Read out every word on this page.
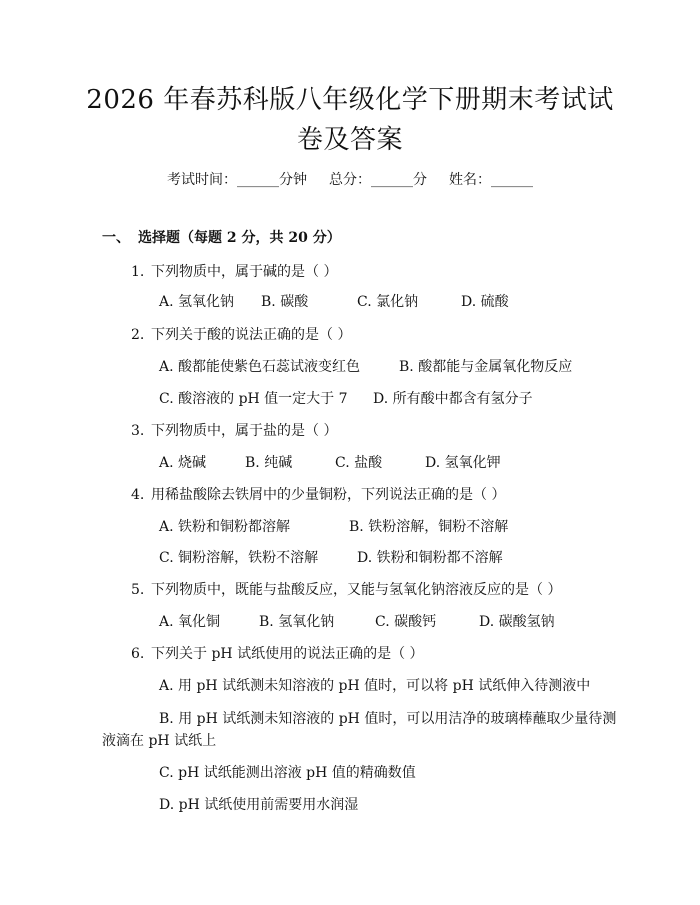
2026 年春苏科版八年级化学下册期末考试试
卷及答案
考试时间：______分钟 总分：______分 姓名：______
一、 选择题（每题 2 分，共 20 分）
1. 下列物质中，属于碱的是（ ）
A. 氢氧化钠 B. 碳酸	C. 氯化钠	D. 硫酸
2. 下列关于酸的说法正确的是（ ）
A. 酸都能使紫色石蕊试液变红色	B. 酸都能与金属氧化物反应
C. 酸溶液的 pH 值一定大于 7 D. 所有酸中都含有氢分子
3. 下列物质中，属于盐的是（ ）
A. 烧碱	B. 纯碱	C. 盐酸	D. 氢氧化钾
4. 用稀盐酸除去铁屑中的少量铜粉，下列说法正确的是（ ）
A. 铁粉和铜粉都溶解	B. 铁粉溶解，铜粉不溶解
C. 铜粉溶解，铁粉不溶解	D. 铁粉和铜粉都不溶解
5. 下列物质中，既能与盐酸反应，又能与氢氧化钠溶液反应的是（ ）
A. 氧化铜	B. 氢氧化钠	C. 碳酸钙	D. 碳酸氢钠
6. 下列关于 pH 试纸使用的说法正确的是（ ）
A. 用 pH 试纸测未知溶液的 pH 值时，可以将 pH 试纸伸入待测液中
B. 用 pH 试纸测未知溶液的 pH 值时，可以用洁净的玻璃棒蘸取少量待测
液滴在 pH 试纸上
C. pH 试纸能测出溶液 pH 值的精确数值
D. pH 试纸使用前需要用水润湿
